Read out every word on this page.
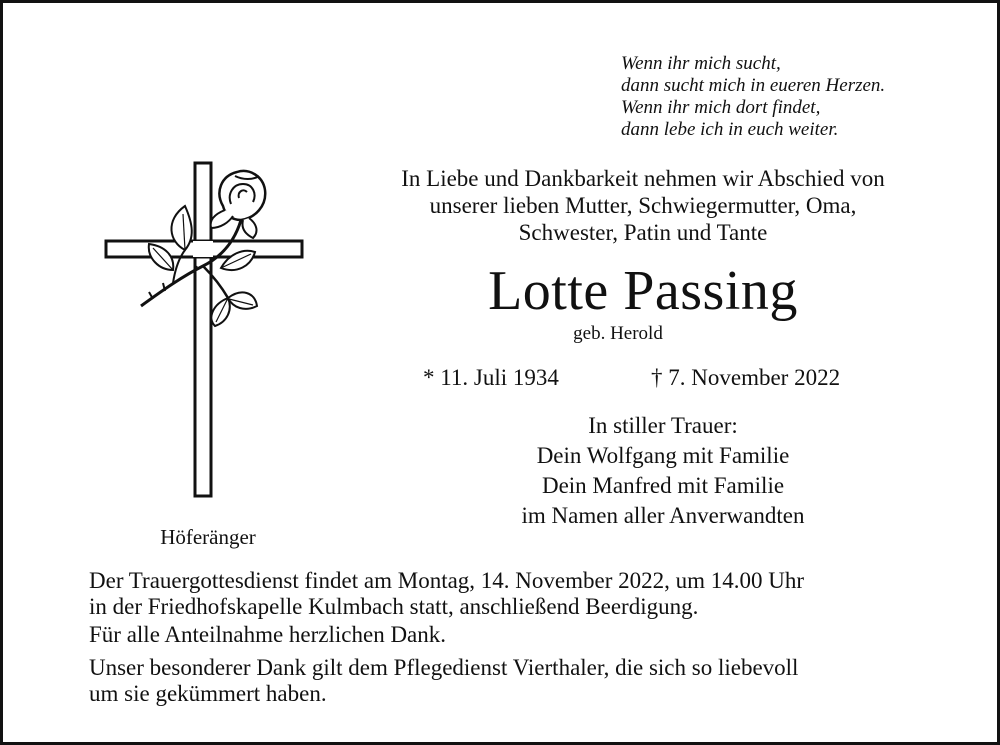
Wenn ihr mich sucht,
dann sucht mich in eueren Herzen.
Wenn ihr mich dort findet,
dann lebe ich in euch weiter.
In Liebe und Dankbarkeit nehmen wir Abschied von
unserer lieben Mutter, Schwiegermutter, Oma,
Schwester, Patin und Tante
Lotte Passing
geb. Herold
* 11. Juli 1934	† 7. November 2022
In stiller Trauer:
Dein Wolfgang mit Familie
Dein Manfred mit Familie
im Namen aller Anverwandten
Höferänger
Der Trauergottesdienst findet am Montag, 14. November 2022, um 14.00 Uhr
in der Friedhofskapelle Kulmbach statt, anschließend Beerdigung.
Für alle Anteilnahme herzlichen Dank.
Unser besonderer Dank gilt dem Pflegedienst Vierthaler, die sich so liebevoll
um sie gekümmert haben.
